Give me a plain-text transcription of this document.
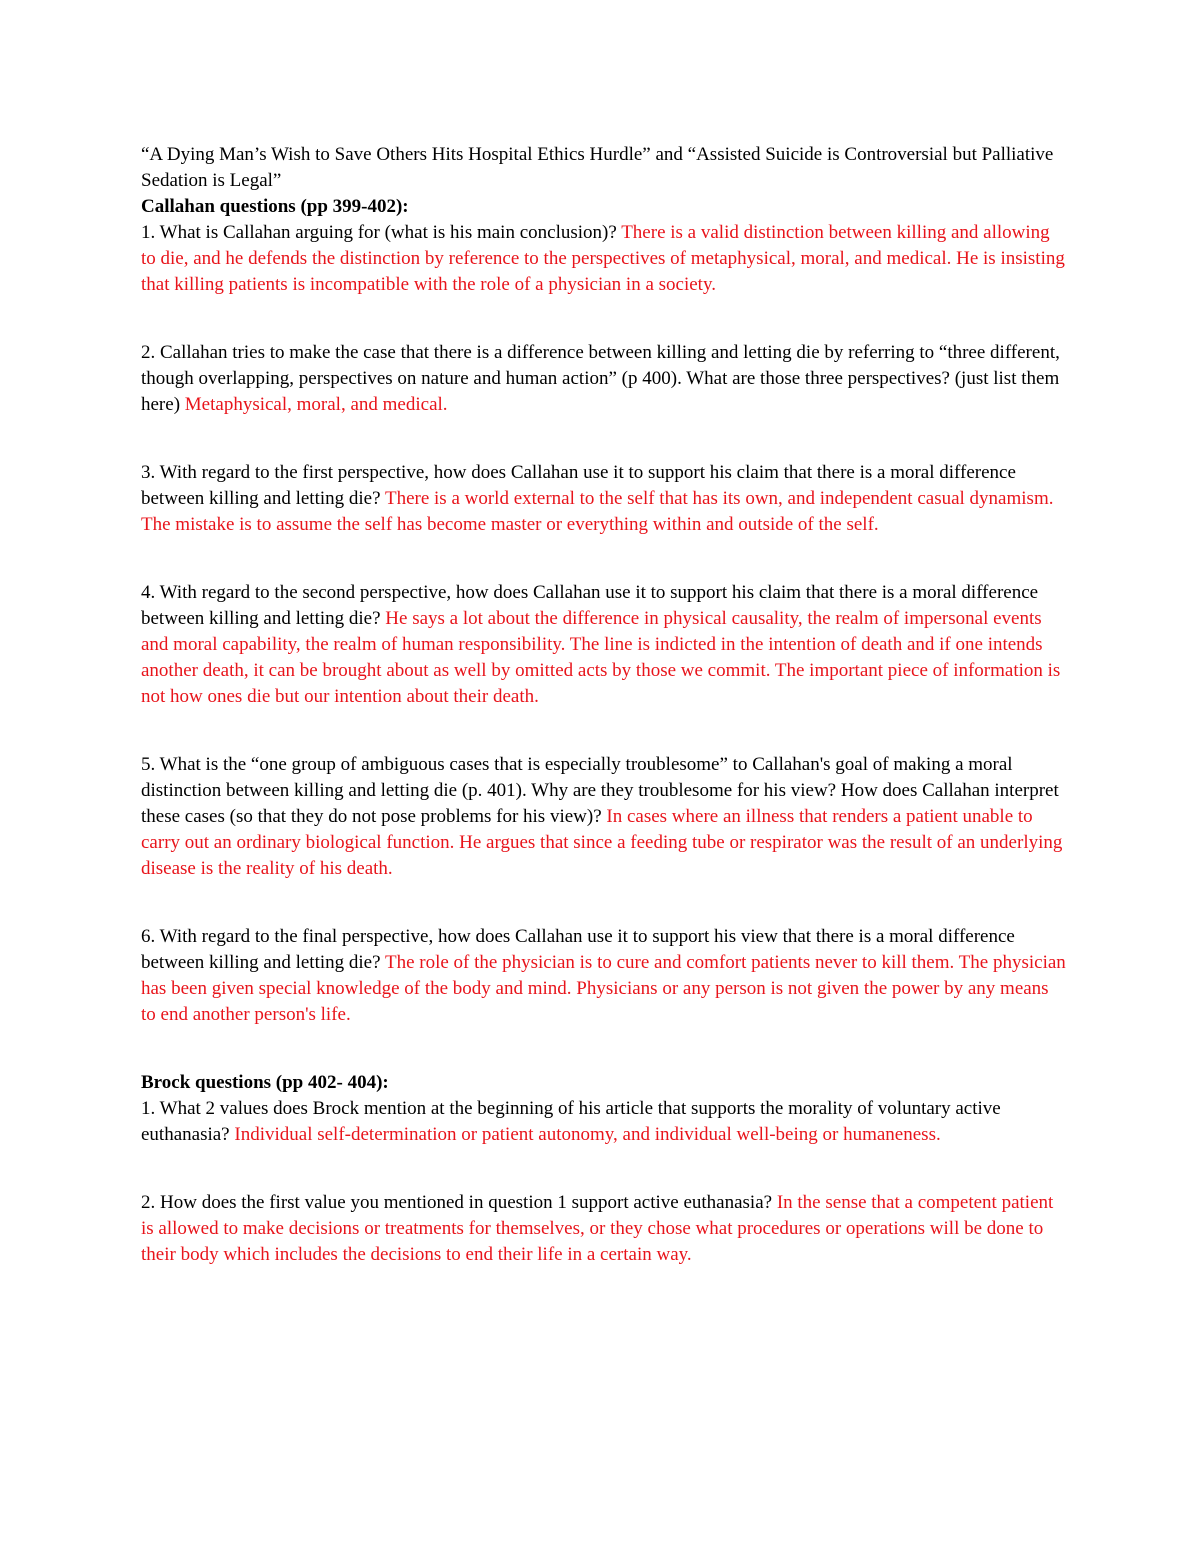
“A Dying Man’s Wish to Save Others Hits Hospital Ethics Hurdle” and “Assisted Suicide is Controversial but Palliative Sedation is Legal”

Callahan questions (pp 399-402):

1. What is Callahan arguing for (what is his main conclusion)? There is a valid distinction between killing and allowing to die, and he defends the distinction by reference to the perspectives of metaphysical, moral, and medical. He is insisting that killing patients is incompatible with the role of a physician in a society.

2. Callahan tries to make the case that there is a difference between killing and letting die by referring to “three different, though overlapping, perspectives on nature and human action” (p 400). What are those three perspectives? (just list them here) Metaphysical, moral, and medical.

3. With regard to the first perspective, how does Callahan use it to support his claim that there is a moral difference between killing and letting die? There is a world external to the self that has its own, and independent casual dynamism. The mistake is to assume the self has become master or everything within and outside of the self.

4. With regard to the second perspective, how does Callahan use it to support his claim that there is a moral difference between killing and letting die? He says a lot about the difference in physical causality, the realm of impersonal events and moral capability, the realm of human responsibility. The line is indicted in the intention of death and if one intends another death, it can be brought about as well by omitted acts by those we commit. The important piece of information is not how ones die but our intention about their death.

5. What is the “one group of ambiguous cases that is especially troublesome” to Callahan's goal of making a moral distinction between killing and letting die (p. 401). Why are they troublesome for his view? How does Callahan interpret these cases (so that they do not pose problems for his view)? In cases where an illness that renders a patient unable to carry out an ordinary biological function. He argues that since a feeding tube or respirator was the result of an underlying disease is the reality of his death.

6. With regard to the final perspective, how does Callahan use it to support his view that there is a moral difference between killing and letting die? The role of the physician is to cure and comfort patients never to kill them. The physician has been given special knowledge of the body and mind. Physicians or any person is not given the power by any means to end another person's life.

Brock questions (pp 402- 404):

1. What 2 values does Brock mention at the beginning of his article that supports the morality of voluntary active euthanasia? Individual self-determination or patient autonomy, and individual well-being or humaneness.

2. How does the first value you mentioned in question 1 support active euthanasia? In the sense that a competent patient is allowed to make decisions or treatments for themselves, or they chose what procedures or operations will be done to their body which includes the decisions to end their life in a certain way.
